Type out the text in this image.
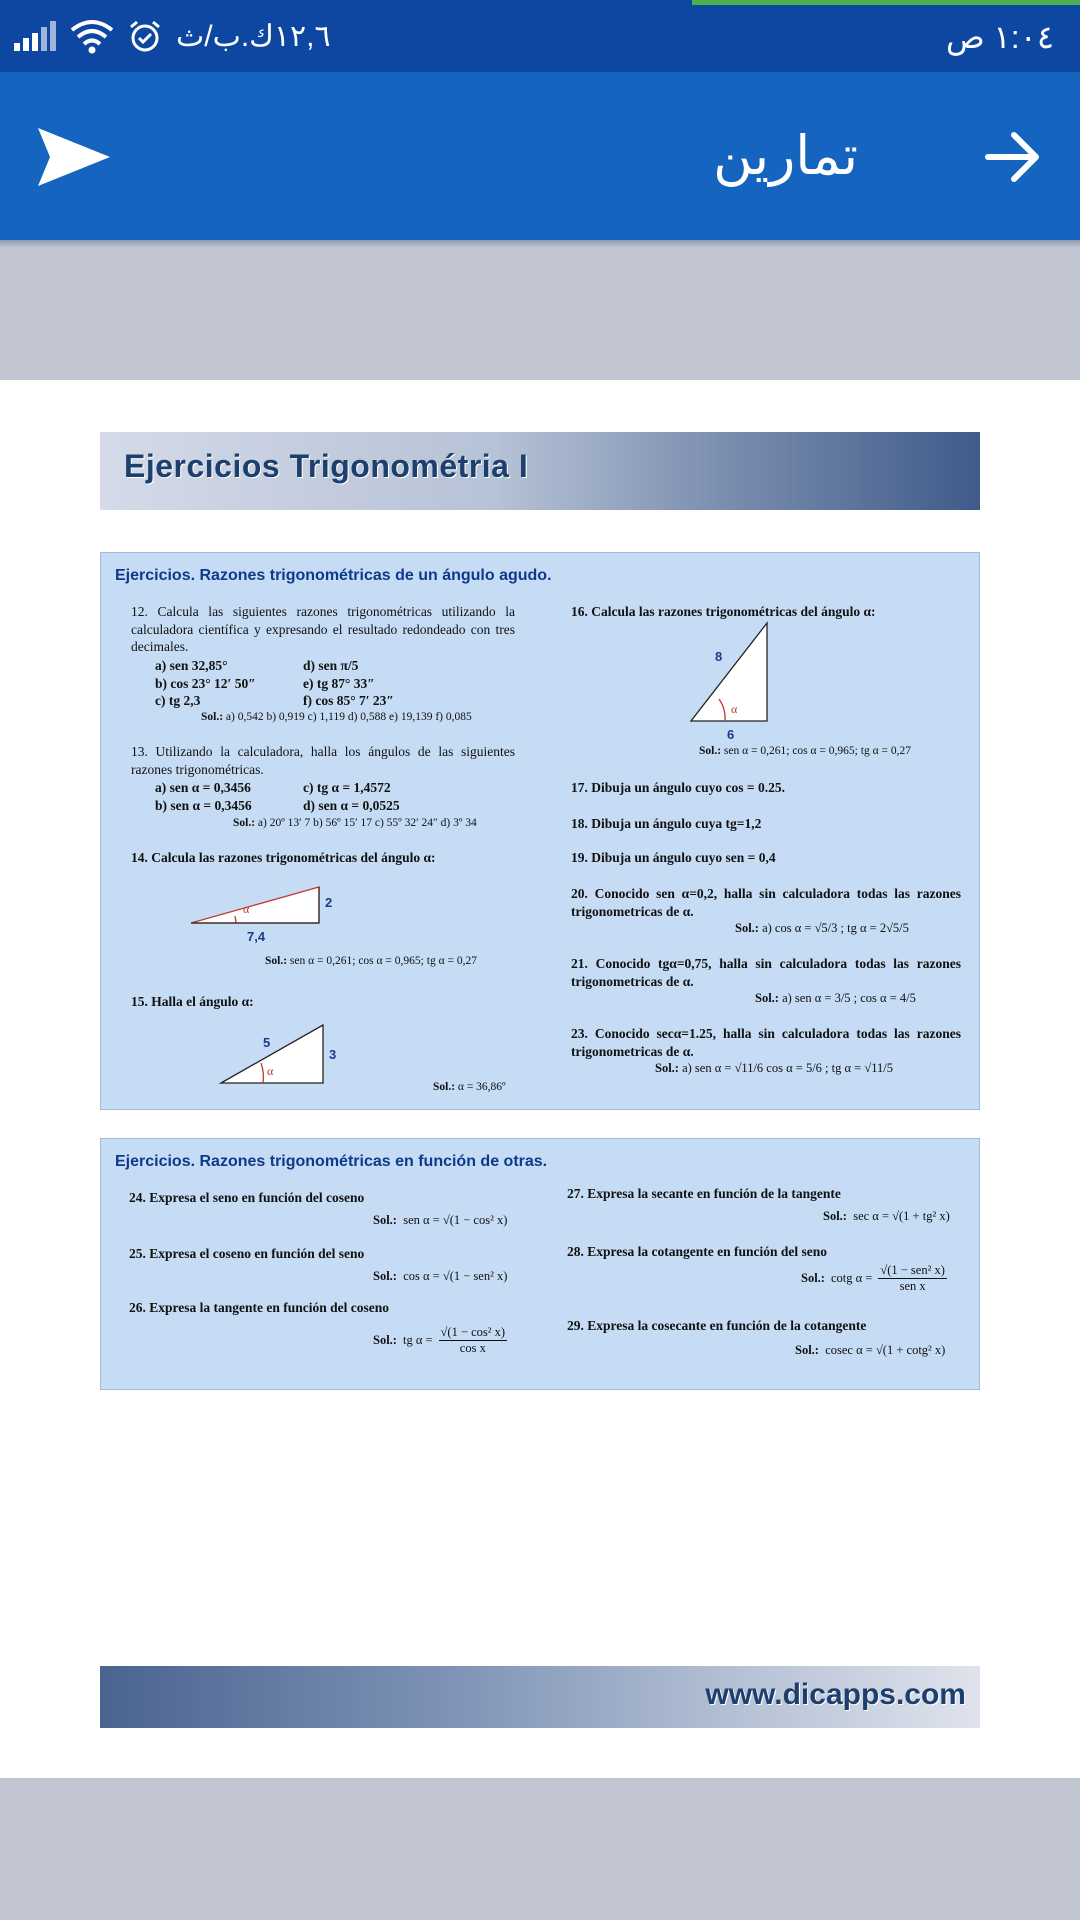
١٢,٦ك.ب/ث	١:٠٤ ص
تمارين
Ejercicios Trigonométria I
Ejercicios. Razones trigonométricas de un ángulo agudo.
12. Calcula las siguientes razones trigonométricas utilizando la calculadora científica y expresando el resultado redondeado con tres decimales.
a) sen 32,85°	d) sen π/5
b) cos 23° 12′ 50″	e) tg 87° 33″
c) tg 2,3	f) cos 85° 7′ 23″
Sol.: a) 0,542 b) 0,919 c) 1,119 d) 0,588 e) 19,139 f) 0,085
13. Utilizando la calculadora, halla los ángulos de las siguientes razones trigonométricas.
a) sen α = 0,3456	c) tg α = 1,4572
b) sen α = 0,3456	d) sen α = 0,0525
Sol.: a) 20º 13′ 7 b) 56º 15′ 17 c) 55º 32′ 24″ d) 3º 34
14. Calcula las razones trigonométricas del ángulo α:
α	2
7,4
Sol.: sen α = 0,261; cos α = 0,965; tg α = 0,27
15. Halla el ángulo α:
α
3
5
Sol.: α = 36,86º
16. Calcula las razones trigonométricas del ángulo α:
α
8
6
Sol.: sen α = 0,261; cos α = 0,965; tg α = 0,27
17. Dibuja un ángulo cuyo cos = 0.25.
18. Dibuja un ángulo cuya tg=1,2
19. Dibuja un ángulo cuyo sen = 0,4
20. Conocido sen α=0,2, halla sin calculadora todas las razones trigonometricas de α.
Sol.: a) cos α = √5/3 ; tg α = 2√5/5
21. Conocido tgα=0,75, halla sin calculadora todas las razones trigonometricas de α.
Sol.: a) sen α = 3/5 ; cos α = 4/5
23. Conocido secα=1.25, halla sin calculadora todas las razones trigonometricas de α.
Sol.: a) sen α = √11/6 cos α = 5/6 ; tg α = √11/5
Ejercicios. Razones trigonométricas en función de otras.
24. Expresa el seno en función del coseno
Sol.: sen α = √(1 − cos² x)
25. Expresa el coseno en función del seno
Sol.: cos α = √(1 − sen² x)
26. Expresa la tangente en función del coseno
Sol.: tg $\alpha = \frac{\text{√(1 − cos² x)}}{\text{cos x}}$
27. Expresa la secante en función de la tangente
Sol.: sec α = √(1 + tg² x)
28. Expresa la cotangente en función del seno
Sol.: cotg α =
√(1 − sen² x)
sen x
29. Expresa la cosecante en función de la cotangente
Sol.: cosec α = √(1 + cotg² x)
www.dicapps.com
